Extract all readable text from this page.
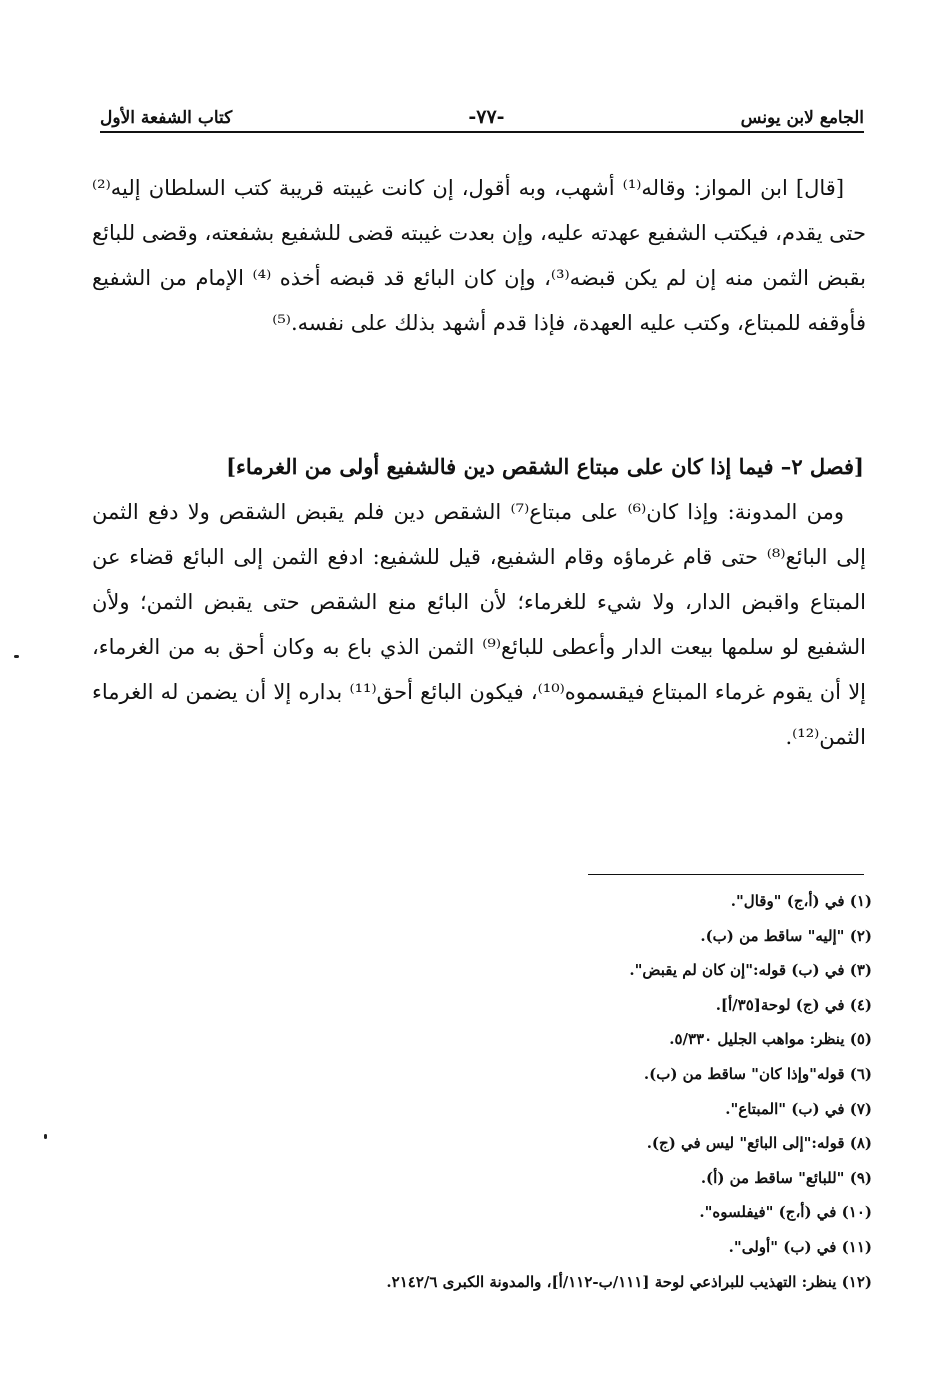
الجامع لابن يونس
-٧٧-
كتاب الشفعة الأول
[قال] ابن المواز: وقاله⁽¹⁾ أشهب، وبه أقول، إن كانت غيبته قريبة كتب السلطان إليه⁽²⁾ حتى يقدم، فيكتب الشفيع عهدته عليه، وإن بعدت غيبته قضى للشفيع بشفعته، وقضى للبائع بقبض الثمن منه إن لم يكن قبضه⁽³⁾، وإن كان البائع قد قبضه أخذه ⁽⁴⁾ الإمام من الشفيع فأوقفه للمبتاع، وكتب عليه العهدة، فإذا قدم أشهد بذلك على نفسه.⁽⁵⁾
[فصل ٢– فيما إذا كان على مبتاع الشقص دين فالشفيع أولى من الغرماء]
ومن المدونة: وإذا كان⁽⁶⁾ على مبتاع⁽⁷⁾ الشقص دين فلم يقبض الشقص ولا دفع الثمن إلى البائع⁽⁸⁾ حتى قام غرماؤه وقام الشفيع، قيل للشفيع: ادفع الثمن إلى البائع قضاء عن المبتاع واقبض الدار، ولا شيء للغرماء؛ لأن البائع منع الشقص حتى يقبض الثمن؛ ولأن الشفيع لو سلمها بيعت الدار وأعطى للبائع⁽⁹⁾ الثمن الذي باع به وكان أحق به من الغرماء، إلا أن يقوم غرماء المبتاع فيقسموه⁽¹⁰⁾، فيكون البائع أحق⁽¹¹⁾ بداره إلا أن يضمن له الغرماء الثمن⁽¹²⁾.
(١) في (أ،ج) "وقال".
(٢) "إليه" ساقط من (ب).
(٣) في (ب) قوله:"إن كان لم يقبض".
(٤) في (ج) لوحة[٣٥/أ].
(٥) ينظر: مواهب الجليل ٥/٣٣٠.
(٦) قوله"وإذا كان" ساقط من (ب).
(٧) في (ب) "المبتاع".
(٨) قوله:"إلى البائع" ليس في (ج).
(٩) "للبائع" ساقط من (أ).
(١٠) في (أ،ج) "فيفلسوه".
(١١) في (ب) "أولى".
(١٢) ينظر: التهذيب للبراذعي لوحة [١١١/ب-١١٢/أ]، والمدونة الكبرى ٢١٤٢/٦.
